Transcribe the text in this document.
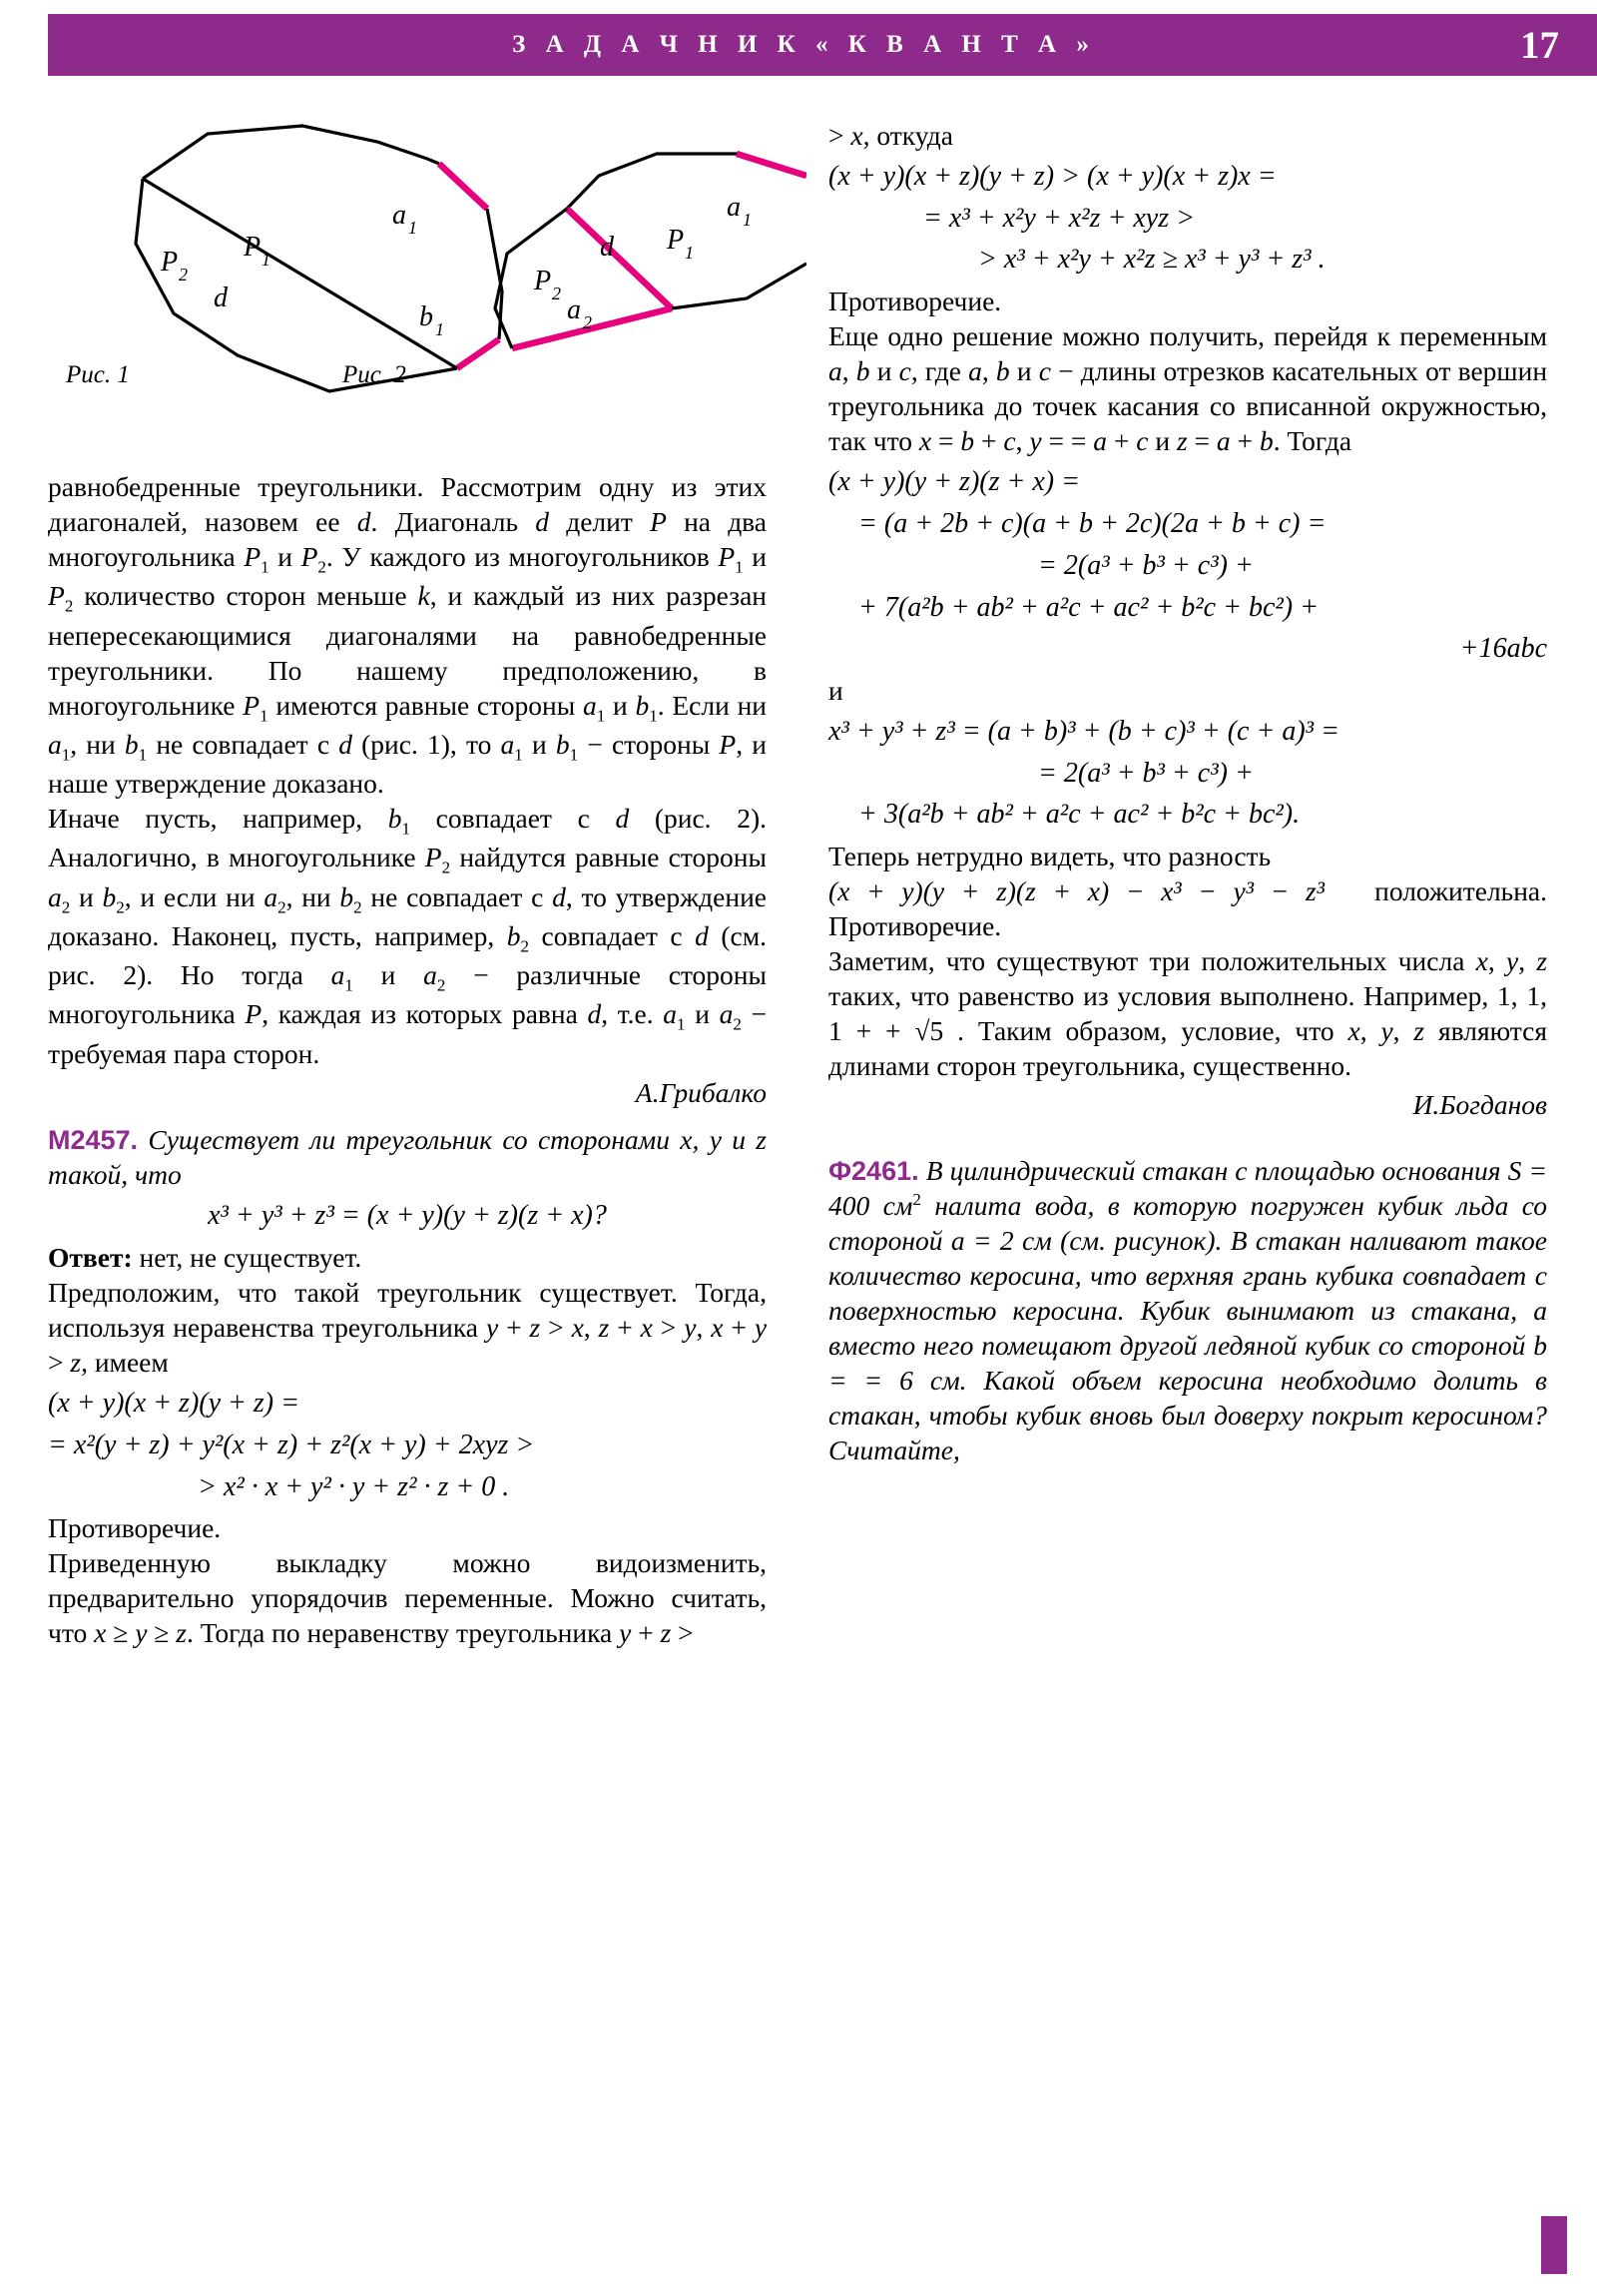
З А Д А Ч Н И К « К В А Н Т А »	17
P 1
P 2
d
a 1
b 1
d
P 2
a 2
P 1
a 1
Рис. 1	Рис. 2

равнобедренные треугольники. Рассмотрим одну из этих диагоналей, назовем ее d. Диагональ d делит P на два многоугольника $P_1$ и $P_2$. У каждого из многоугольников $P_1$ и $P_2$ количество сторон меньше k, и каждый из них разрезан непересекающимися диагоналями на равнобедренные треугольники. По нашему предположению, в многоугольнике $P_1$ имеются равные стороны $a_1$ и $b_1$. Если ни $a_1$, ни $b_1$ не совпадает с d (рис. 1), то $a_1$ и $b_1$ − стороны P, и наше утверждение доказано.

Иначе пусть, например, $b_1$ совпадает с d (рис. 2). Аналогично, в многоугольнике $P_2$ найдутся равные стороны $a_2$ и $b_2$, и если ни $a_2$, ни $b_2$ не совпадает с d, то утверждение доказано. Наконец, пусть, например, $b_2$ совпадает с d (см. рис. 2). Но тогда $a_1$ и $a_2$ − различные стороны многоугольника P, каждая из которых равна d, т.е. $a_1$ и $a_2$ − требуемая пара сторон.

А.Грибалко

M2457. Существует ли треугольник со сторонами x, y и z такой, что

x³ + y³ + z³ = (x + y)(y + z)(z + x)?

Ответ: нет, не существует.

Предположим, что такой треугольник существует. Тогда, используя неравенства треугольника y + z > x, z + x > y, x + y > z, имеем

(x + y)(x + z)(y + z) =
= x²(y + z) + y²(x + z) + z²(x + y) + 2xyz >
> x² · x + y² · y + z² · z + 0 .

Противоречие.

Приведенную выкладку можно видоизменить, предварительно упорядочив переменные. Можно считать, что x ≥ y ≥ z. Тогда по неравенству треугольника y + z >

> x, откуда

(x + y)(x + z)(y + z) > (x + y)(x + z)x =
= x³ + x²y + x²z + xyz >
> x³ + x²y + x²z ≥ x³ + y³ + z³ .

Противоречие.

Еще одно решение можно получить, перейдя к переменным a, b и c, где a, b и c − длины отрезков касательных от вершин треугольника до точек касания со вписанной окружностью, так что x = b + c, y = = a + c и z = a + b. Тогда

(x + y)(y + z)(z + x) =
= (a + 2b + c)(a + b + 2c)(2a + b + c) =
= 2(a³ + b³ + c³) +
+ 7(a²b + ab² + a²c + ac² + b²c + bc²) +
+16abc

и

x³ + y³ + z³ = (a + b)³ + (b + c)³ + (c + a)³ =
= 2(a³ + b³ + c³) +
+ 3(a²b + ab² + a²c + ac² + b²c + bc²).

Теперь нетрудно видеть, что разность

(x + y)(y + z)(z + x) − x³ − y³ − z³ положительна. Противоречие.

Заметим, что существуют три положительных числа x, y, z таких, что равенство из условия выполнено. Например, 1, 1, 1 + + √5 . Таким образом, условие, что x, y, z являются длинами сторон треугольника, существенно.

И.Богданов

Ф2461. В цилиндрический стакан с площадью основания S = 400 $см^2$ налита вода, в которую погружен кубик льда со стороной a = 2 см (см. рисунок). В стакан наливают такое количество керосина, что верхняя грань кубика совпадает с поверхностью керосина. Кубик вынимают из стакана, а вместо него помещают другой ледяной кубик со стороной b = = 6 см. Какой объем керосина необходимо долить в стакан, чтобы кубик вновь был доверху покрыт керосином? Считайте,
